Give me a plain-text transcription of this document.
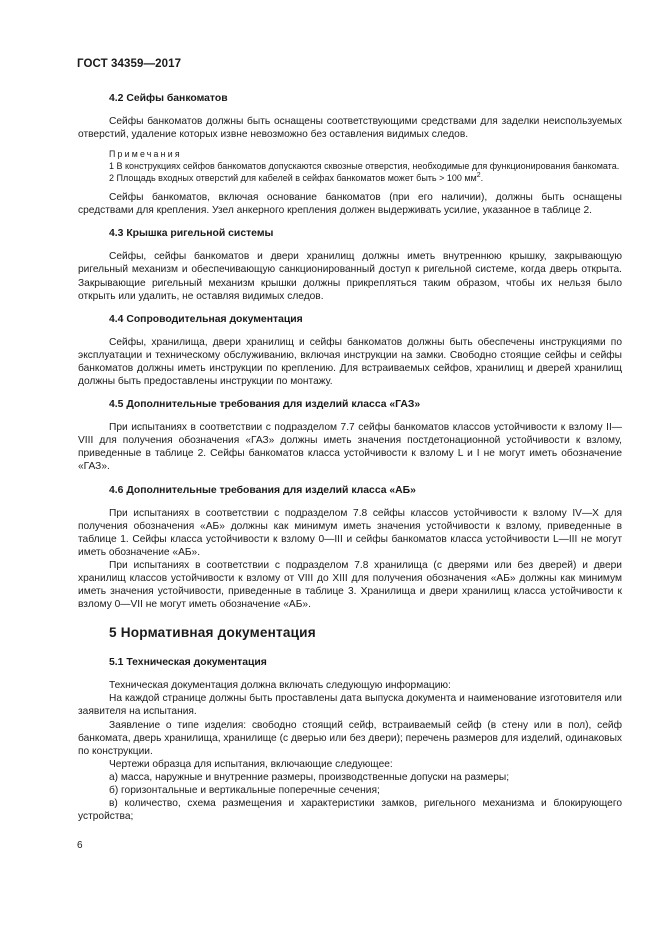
ГОСТ 34359—2017
4.2 Сейфы банкоматов

Сейфы банкоматов должны быть оснащены соответствующими средствами для заделки неиспользуемых отверстий, удаление которых извне невозможно без оставления видимых следов.

Примечания

1 В конструкциях сейфов банкоматов допускаются сквозные отверстия, необходимые для функционирования банкомата.

2 Площадь входных отверстий для кабелей в сейфах банкоматов может быть > 100 $мм^2$.

Сейфы банкоматов, включая основание банкоматов (при его наличии), должны быть оснащены средствами для крепления. Узел анкерного крепления должен выдерживать усилие, указанное в таблице 2.

4.3 Крышка ригельной системы

Сейфы, сейфы банкоматов и двери хранилищ должны иметь внутреннюю крышку, закрывающую ригельный механизм и обеспечивающую санкционированный доступ к ригельной системе, когда дверь открыта. Закрывающие ригельный механизм крышки должны прикрепляться таким образом, чтобы их нельзя было открыть или удалить, не оставляя видимых следов.

4.4 Сопроводительная документация

Сейфы, хранилища, двери хранилищ и сейфы банкоматов должны быть обеспечены инструкциями по эксплуатации и техническому обслуживанию, включая инструкции на замки. Свободно стоящие сейфы и сейфы банкоматов должны иметь инструкции по креплению. Для встраиваемых сейфов, хранилищ и дверей хранилищ должны быть предоставлены инструкции по монтажу.

4.5 Дополнительные требования для изделий класса «ГАЗ»

При испытаниях в соответствии с подразделом 7.7 сейфы банкоматов классов устойчивости к взлому II—VIII для получения обозначения «ГАЗ» должны иметь значения постдетонационной устойчивости к взлому, приведенные в таблице 2. Сейфы банкоматов класса устойчивости к взлому L и I не могут иметь обозначение «ГАЗ».

4.6 Дополнительные требования для изделий класса «АБ»

При испытаниях в соответствии с подразделом 7.8 сейфы классов устойчивости к взлому IV—X для получения обозначения «АБ» должны как минимум иметь значения устойчивости к взлому, приведенные в таблице 1. Сейфы класса устойчивости к взлому 0—III и сейфы банкоматов класса устойчивости L—III не могут иметь обозначение «АБ».

При испытаниях в соответствии с подразделом 7.8 хранилища (с дверями или без дверей) и двери хранилищ классов устойчивости к взлому от VIII до XIII для получения обозначения «АБ» должны как минимум иметь значения устойчивости, приведенные в таблице 3. Хранилища и двери хранилищ класса устойчивости к взлому 0—VII не могут иметь обозначение «АБ».

5 Нормативная документация
5.1 Техническая документация

Техническая документация должна включать следующую информацию:

На каждой странице должны быть проставлены дата выпуска документа и наименование изготовителя или заявителя на испытания.

Заявление о типе изделия: свободно стоящий сейф, встраиваемый сейф (в стену или в пол), сейф банкомата, дверь хранилища, хранилище (с дверью или без двери); перечень размеров для изделий, одинаковых по конструкции.

Чертежи образца для испытания, включающие следующее:

а) масса, наружные и внутренние размеры, производственные допуски на размеры;

б) горизонтальные и вертикальные поперечные сечения;

в) количество, схема размещения и характеристики замков, ригельного механизма и блокирующего устройства;

6
